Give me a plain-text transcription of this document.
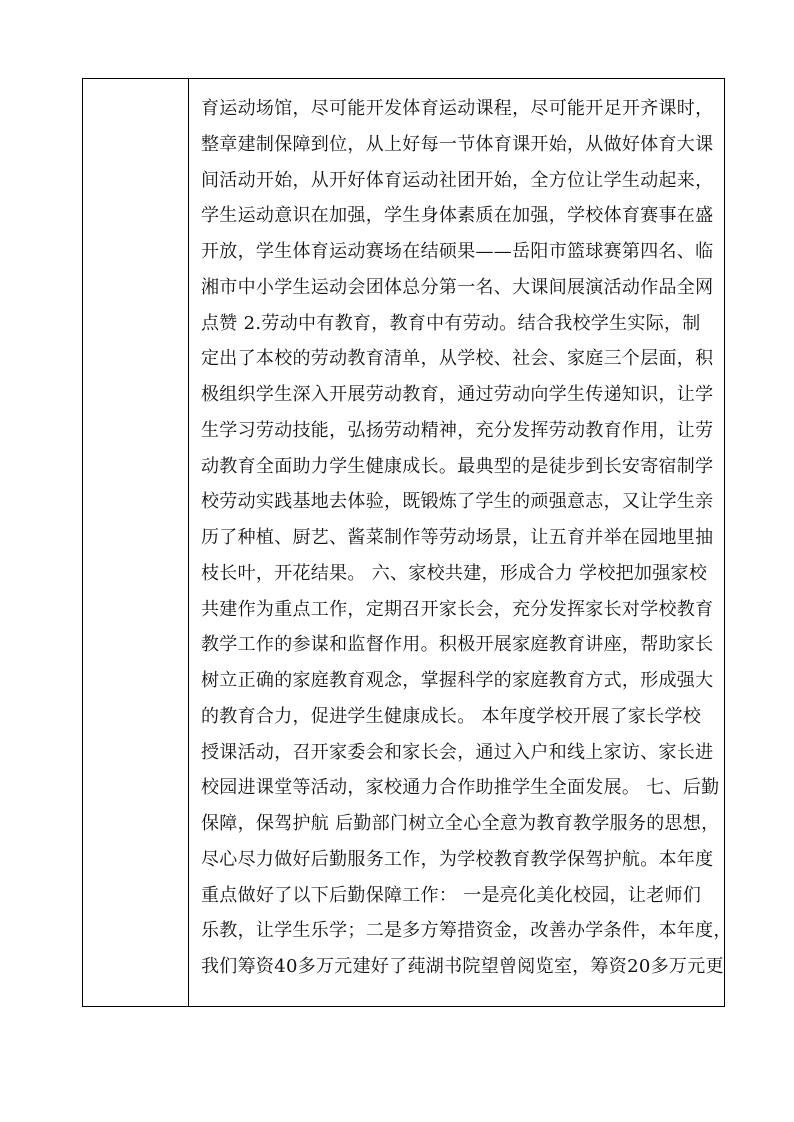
育运动场馆，尽可能开发体育运动课程，尽可能开足开齐课时，
整章建制保障到位，从上好每一节体育课开始，从做好体育大课
间活动开始，从开好体育运动社团开始，全方位让学生动起来，
学生运动意识在加强，学生身体素质在加强，学校体育赛事在盛
开放，学生体育运动赛场在结硕果——岳阳市篮球赛第四名、临
湘市中小学生运动会团体总分第一名、大课间展演活动作品全网
点赞 2.劳动中有教育，教育中有劳动。结合我校学生实际，制
定出了本校的劳动教育清单，从学校、社会、家庭三个层面，积
极组织学生深入开展劳动教育，通过劳动向学生传递知识，让学
生学习劳动技能，弘扬劳动精神，充分发挥劳动教育作用，让劳
动教育全面助力学生健康成长。最典型的是徒步到长安寄宿制学
校劳动实践基地去体验，既锻炼了学生的顽强意志，又让学生亲
历了种植、厨艺、酱菜制作等劳动场景，让五育并举在园地里抽
枝长叶，开花结果。 六、家校共建，形成合力 学校把加强家校
共建作为重点工作，定期召开家长会，充分发挥家长对学校教育
教学工作的参谋和监督作用。积极开展家庭教育讲座，帮助家长
树立正确的家庭教育观念，掌握科学的家庭教育方式，形成强大
的教育合力，促进学生健康成长。 本年度学校开展了家长学校
授课活动，召开家委会和家长会，通过入户和线上家访、家长进
校园进课堂等活动，家校通力合作助推学生全面发展。 七、后勤
保障，保驾护航 后勤部门树立全心全意为教育教学服务的思想，
尽心尽力做好后勤服务工作，为学校教育教学保驾护航。本年度
重点做好了以下后勤保障工作： 一是亮化美化校园，让老师们
乐教，让学生乐学；二是多方筹措资金，改善办学条件，本年度，
我们筹资40多万元建好了莼湖书院望曾阅览室，筹资20多万元更
